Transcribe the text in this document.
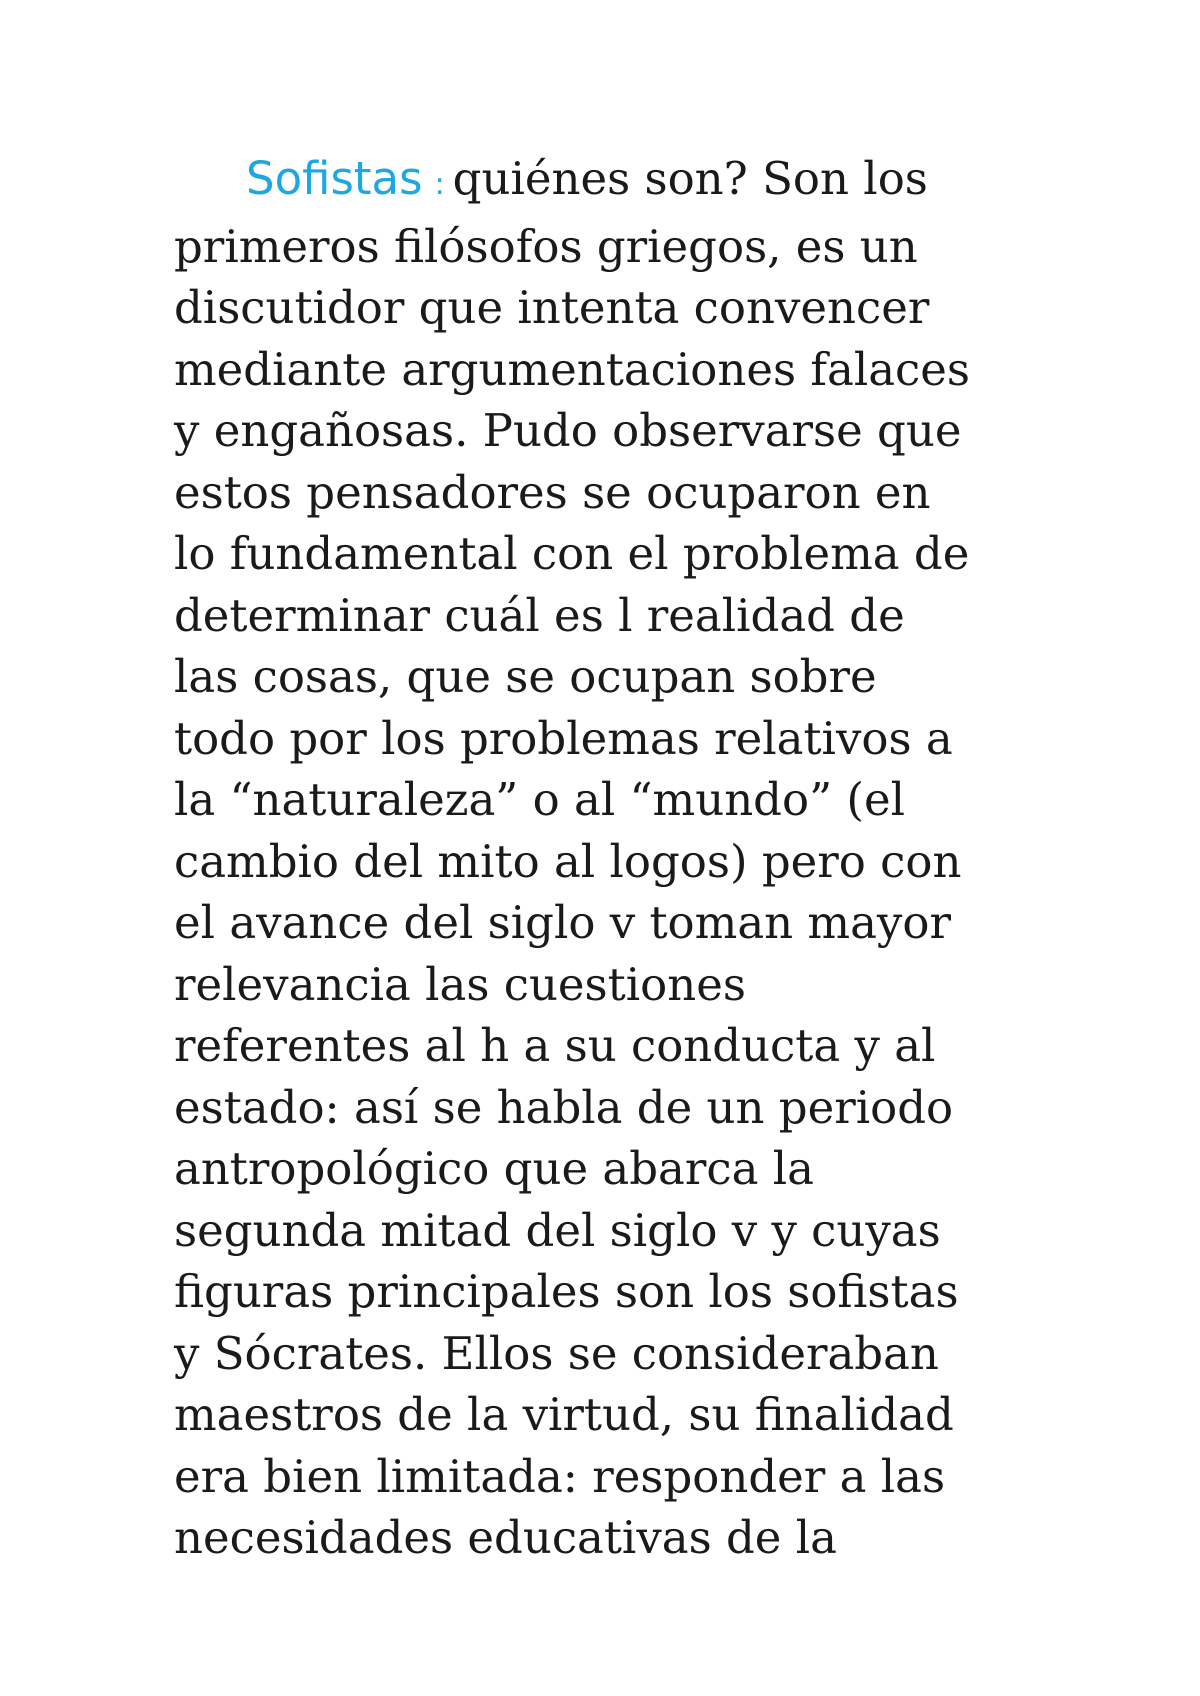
Sofistas : quiénes son? Son los
primeros filósofos griegos, es un
discutidor que intenta convencer
mediante argumentaciones falaces
y engañosas. Pudo observarse que
estos pensadores se ocuparon en
lo fundamental con el problema de
determinar cuál es l realidad de
las cosas, que se ocupan sobre
todo por los problemas relativos a
la “naturaleza” o al “mundo” (el
cambio del mito al logos) pero con
el avance del siglo v toman mayor
relevancia las cuestiones
referentes al h a su conducta y al
estado: así se habla de un periodo
antropológico que abarca la
segunda mitad del siglo v y cuyas
figuras principales son los sofistas
y Sócrates. Ellos se consideraban
maestros de la virtud, su finalidad
era bien limitada: responder a las
necesidades educativas de la
